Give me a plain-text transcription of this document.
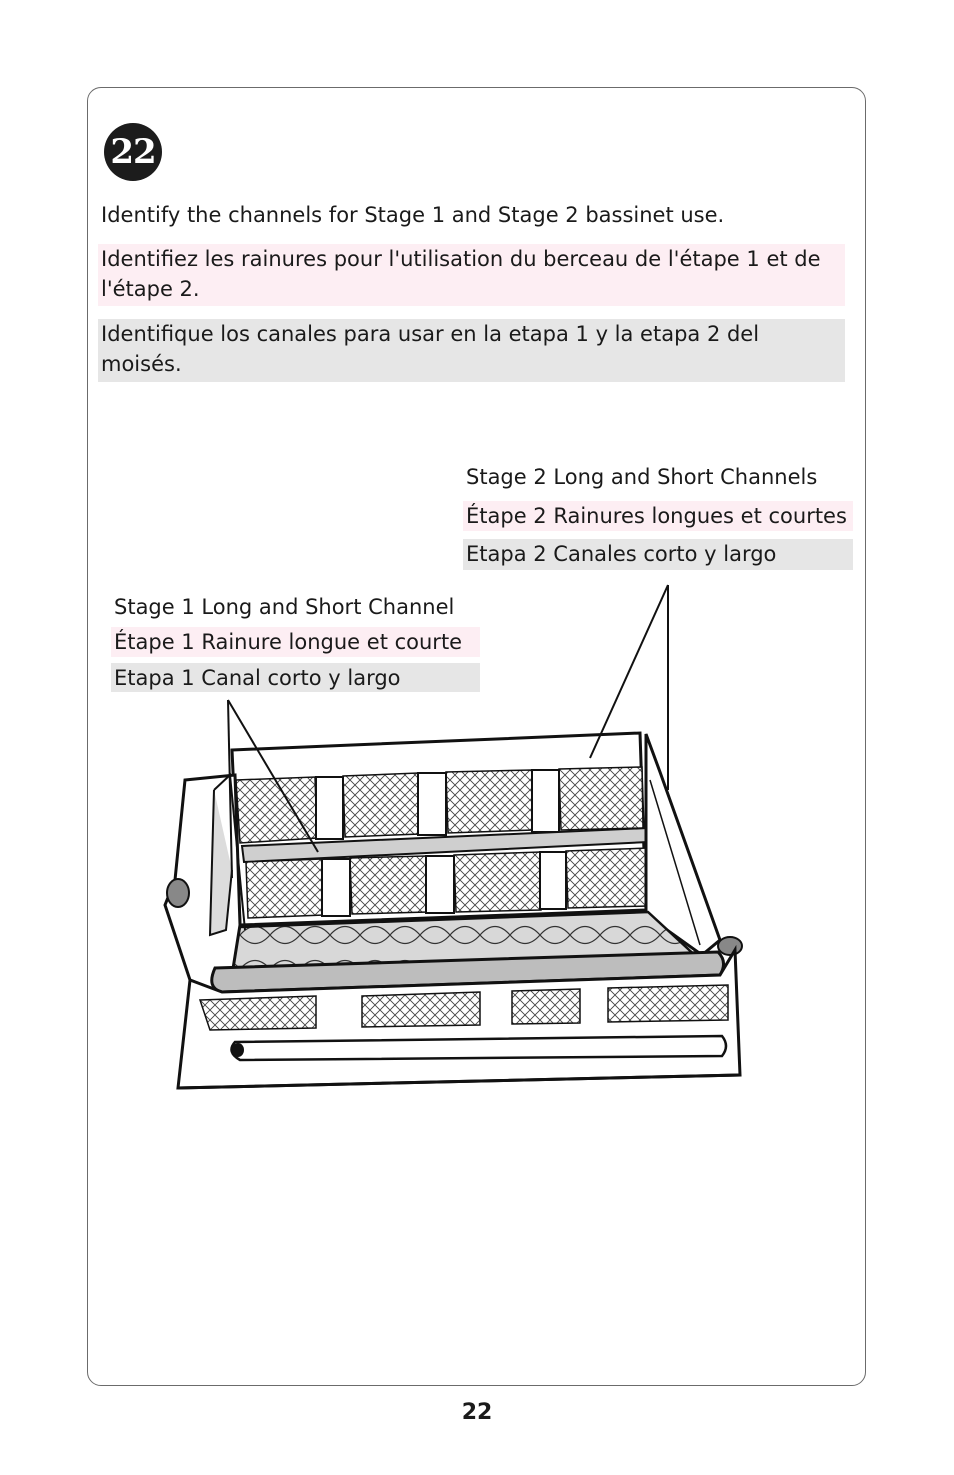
22
Identify the channels for Stage 1 and Stage 2 bassinet use.
Identifiez les rainures pour l'utilisation du berceau de l'étape 1 et de l'étape 2.
Identifique los canales para usar en la etapa 1 y la etapa 2 del moisés.
Stage 2 Long and Short Channels
Étape 2 Rainures longues et courtes
Etapa 2 Canales corto y largo
Stage 1 Long and Short Channel
Étape 1 Rainure longue et courte
Etapa 1 Canal corto y largo
22
